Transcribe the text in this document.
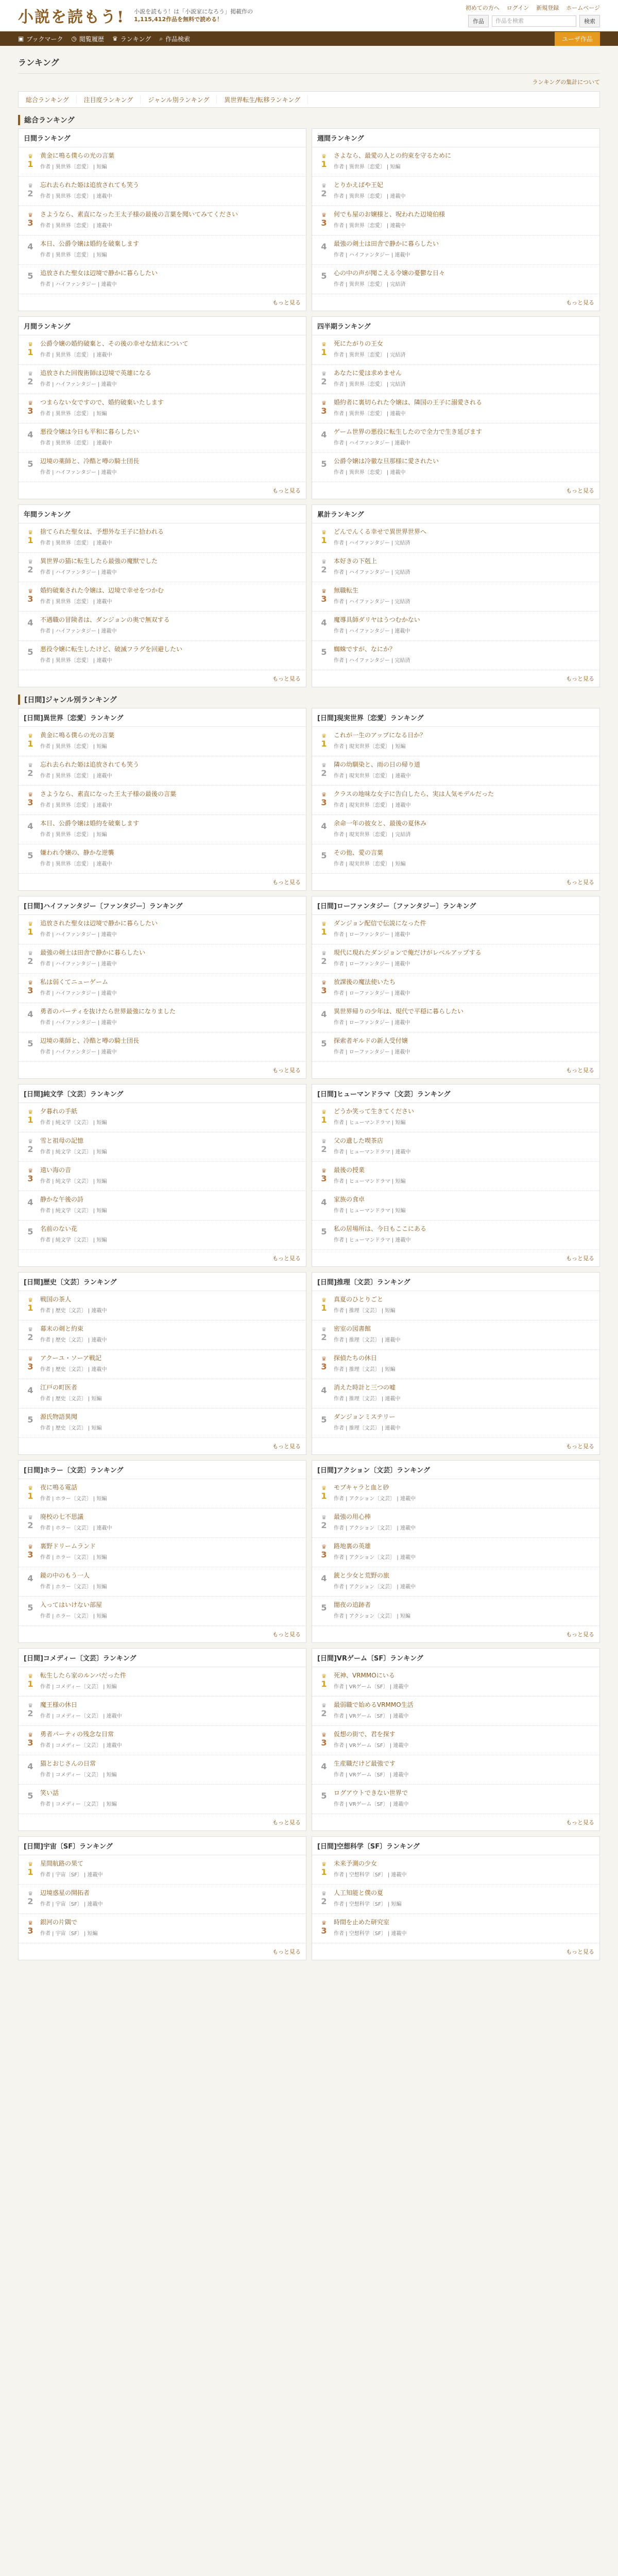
小説を読もう! 小説を読もう！は「小説家になろう」掲載作の
1,115,412作品を無料で読める！
初めての方へ ログイン 新規登録 ホームページ
作品	作品を検索	検索
▣ ブックマーク ◷ 閲覧履歴 ♛ ランキング ⌕ 作品検索	ユーザ作品
ランキング
ランキングの集計について
総合ランキング	注目度ランキング	ジャンル別ランキング	異世界転生/転移ランキング
総合ランキング
日間ランキング
♛
1
黄金に鳴る僕らの光の言葉
作者 | 異世界〔恋愛〕 | 短編
♛
2
忘れ去られた姫は追放されても笑う
作者 | 異世界〔恋愛〕 | 連載中
♛
3
さようなら、素直になった王太子様の最後の言葉を聞いてみてください
作者 | 異世界〔恋愛〕 | 連載中
4	本日、公爵令嬢は婚約を破棄します
作者 | 異世界〔恋愛〕 | 短編
5	追放された聖女は辺境で静かに暮らしたい
作者 | ハイファンタジー | 連載中
もっと見る
週間ランキング
♛
1
さよなら、最愛の人との約束を守るために
作者 | 異世界〔恋愛〕 | 短編
♛
2
とりかえばや王妃
作者 | 異世界〔恋愛〕 | 連載中
♛
3
何でも屋のお嬢様と、呪われた辺境伯様
作者 | 異世界〔恋愛〕 | 連載中
4	最強の剣士は田舎で静かに暮らしたい
作者 | ハイファンタジー | 連載中
5	心の中の声が聞こえる令嬢の憂鬱な日々
作者 | 異世界〔恋愛〕 | 完結済
もっと見る
月間ランキング
♛
1
公爵令嬢の婚約破棄と、その後の幸せな結末について
作者 | 異世界〔恋愛〕 | 連載中
♛
2
追放された回復術師は辺境で英雄になる
作者 | ハイファンタジー | 連載中
♛
3
つまらない女ですので、婚約破棄いたします
作者 | 異世界〔恋愛〕 | 短編
4	悪役令嬢は今日も平和に暮らしたい
作者 | 異世界〔恋愛〕 | 連載中
5	辺境の薬師と、冷酷と噂の騎士団長
作者 | ハイファンタジー | 連載中
もっと見る
四半期ランキング
♛
1
死にたがりの王女
作者 | 異世界〔恋愛〕 | 完結済
♛
2
あなたに愛は求めません
作者 | 異世界〔恋愛〕 | 完結済
♛
3
婚約者に裏切られた令嬢は、隣国の王子に溺愛される
作者 | 異世界〔恋愛〕 | 連載中
4	ゲーム世界の悪役に転生したので全力で生き延びます
作者 | ハイファンタジー | 連載中
5	公爵令嬢は冷徹な旦那様に愛されたい
作者 | 異世界〔恋愛〕 | 連載中
もっと見る
年間ランキング
♛
1
捨てられた聖女は、予想外な王子に拾われる
作者 | 異世界〔恋愛〕 | 連載中
♛
2
異世界の猫に転生したら最強の魔獣でした
作者 | ハイファンタジー | 連載中
♛
3
婚約破棄された令嬢は、辺境で幸せをつかむ
作者 | 異世界〔恋愛〕 | 連載中
4	不遇職の冒険者は、ダンジョンの奥で無双する
作者 | ハイファンタジー | 連載中
5	悪役令嬢に転生したけど、破滅フラグを回避したい
作者 | 異世界〔恋愛〕 | 連載中
もっと見る
累計ランキング
♛
1
どんでんくる幸せで異世界世界へ
作者 | ハイファンタジー | 完結済
♛
2
本好きの下剋上
作者 | ハイファンタジー | 完結済
♛
3
無職転生
作者 | ハイファンタジー | 完結済
4	魔導具師ダリヤはうつむかない
作者 | ハイファンタジー | 連載中
5	蜘蛛ですが、なにか？
作者 | ハイファンタジー | 完結済
もっと見る
[日間]ジャンル別ランキング
[日間]異世界〔恋愛〕ランキング
♛
1
黄金に鳴る僕らの光の言葉
作者 | 異世界〔恋愛〕 | 短編
♛
2
忘れ去られた姫は追放されても笑う
作者 | 異世界〔恋愛〕 | 連載中
♛
3
さようなら、素直になった王太子様の最後の言葉
作者 | 異世界〔恋愛〕 | 連載中
4	本日、公爵令嬢は婚約を破棄します
作者 | 異世界〔恋愛〕 | 短編
5	嫌われ令嬢の、静かな逆襲
作者 | 異世界〔恋愛〕 | 連載中
もっと見る
[日間]現実世界〔恋愛〕ランキング
♛
1
これが一生のアップになる日か？
作者 | 現実世界〔恋愛〕 | 短編
♛
2
隣の幼馴染と、雨の日の帰り道
作者 | 現実世界〔恋愛〕 | 連載中
♛
3
クラスの地味な女子に告白したら、実は人気モデルだった
作者 | 現実世界〔恋愛〕 | 連載中
4	余命一年の彼女と、最後の夏休み
作者 | 現実世界〔恋愛〕 | 完結済
5	その他、愛の言葉
作者 | 現実世界〔恋愛〕 | 短編
もっと見る
[日間]ハイファンタジー〔ファンタジー〕ランキング
♛
1
追放された聖女は辺境で静かに暮らしたい
作者 | ハイファンタジー | 連載中
♛
2
最強の剣士は田舎で静かに暮らしたい
作者 | ハイファンタジー | 連載中
♛
3
私は弱くてニューゲーム
作者 | ハイファンタジー | 連載中
4	勇者のパーティを抜けたら世界最強になりました
作者 | ハイファンタジー | 連載中
5	辺境の薬師と、冷酷と噂の騎士団長
作者 | ハイファンタジー | 連載中
もっと見る
[日間]ローファンタジー〔ファンタジー〕ランキング
♛
1
ダンジョン配信で伝説になった件
作者 | ローファンタジー | 連載中
♛
2
現代に現れたダンジョンで俺だけがレベルアップする
作者 | ローファンタジー | 連載中
♛
3
放課後の魔法使いたち
作者 | ローファンタジー | 連載中
4	異世界帰りの少年は、現代で平穏に暮らしたい
作者 | ローファンタジー | 連載中
5	探索者ギルドの新人受付嬢
作者 | ローファンタジー | 連載中
もっと見る
[日間]純文学〔文芸〕ランキング
♛
1
夕暮れの手紙
作者 | 純文学〔文芸〕 | 短編
♛
2
雪と祖母の記憶
作者 | 純文学〔文芸〕 | 短編
♛
3
遠い海の音
作者 | 純文学〔文芸〕 | 短編
4	静かな午後の詩
作者 | 純文学〔文芸〕 | 短編
5	名前のない花
作者 | 純文学〔文芸〕 | 短編
もっと見る
[日間]ヒューマンドラマ〔文芸〕ランキング
♛
1
どうか笑って生きてください
作者 | ヒューマンドラマ | 短編
♛
2
父の遺した喫茶店
作者 | ヒューマンドラマ | 連載中
♛
3
最後の授業
作者 | ヒューマンドラマ | 短編
4	家族の食卓
作者 | ヒューマンドラマ | 短編
5	私の居場所は、今日もここにある
作者 | ヒューマンドラマ | 連載中
もっと見る
[日間]歴史〔文芸〕ランキング
♛
1
戦国の茶人
作者 | 歴史〔文芸〕 | 連載中
♛
2
幕末の剣と約束
作者 | 歴史〔文芸〕 | 連載中
♛
3
アクーユ・ソーア戦記
作者 | 歴史〔文芸〕 | 連載中
4	江戸の町医者
作者 | 歴史〔文芸〕 | 短編
5	源氏物語異聞
作者 | 歴史〔文芸〕 | 短編
もっと見る
[日間]推理〔文芸〕ランキング
♛
1
真夏のひとりごと
作者 | 推理〔文芸〕 | 短編
♛
2
密室の図書館
作者 | 推理〔文芸〕 | 連載中
♛
3
探偵たちの休日
作者 | 推理〔文芸〕 | 短編
4	消えた時計と三つの嘘
作者 | 推理〔文芸〕 | 連載中
5	ダンジョンミステリー
作者 | 推理〔文芸〕 | 連載中
もっと見る
[日間]ホラー〔文芸〕ランキング
♛
1
夜に鳴る電話
作者 | ホラー〔文芸〕 | 短編
♛
2
廃校の七不思議
作者 | ホラー〔文芸〕 | 連載中
♛
3
裏野ドリームランド
作者 | ホラー〔文芸〕 | 短編
4	鏡の中のもう一人
作者 | ホラー〔文芸〕 | 短編
5	入ってはいけない部屋
作者 | ホラー〔文芸〕 | 短編
もっと見る
[日間]アクション〔文芸〕ランキング
♛
1
モブキャラと血と砂
作者 | アクション〔文芸〕 | 連載中
♛
2
最強の用心棒
作者 | アクション〔文芸〕 | 連載中
♛
3
路地裏の英雄
作者 | アクション〔文芸〕 | 連載中
4	銃と少女と荒野の旅
作者 | アクション〔文芸〕 | 連載中
5	闇夜の追跡者
作者 | アクション〔文芸〕 | 短編
もっと見る
[日間]コメディー〔文芸〕ランキング
♛
1
転生したら家のルンバだった件
作者 | コメディー〔文芸〕 | 短編
♛
2
魔王様の休日
作者 | コメディー〔文芸〕 | 連載中
♛
3
勇者パーティの残念な日常
作者 | コメディー〔文芸〕 | 連載中
4	猫とおじさんの日常
作者 | コメディー〔文芸〕 | 短編
5	笑い話
作者 | コメディー〔文芸〕 | 短編
もっと見る
[日間]VRゲーム〔SF〕ランキング
♛
1
死神、VRMMOにいる
作者 | VRゲーム〔SF〕 | 連載中
♛
2
最弱職で始めるVRMMO生活
作者 | VRゲーム〔SF〕 | 連載中
♛
3
仮想の街で、君を探す
作者 | VRゲーム〔SF〕 | 連載中
4	生産職だけど最強です
作者 | VRゲーム〔SF〕 | 連載中
5	ログアウトできない世界で
作者 | VRゲーム〔SF〕 | 連載中
もっと見る
[日間]宇宙〔SF〕ランキング
♛
1
星間航路の果て
作者 | 宇宙〔SF〕 | 連載中
♛
2
辺境惑星の開拓者
作者 | 宇宙〔SF〕 | 連載中
♛
3
銀河の片隅で
作者 | 宇宙〔SF〕 | 短編
もっと見る
[日間]空想科学〔SF〕ランキング
♛
1
未来予測の少女
作者 | 空想科学〔SF〕 | 連載中
♛
2
人工知能と僕の夏
作者 | 空想科学〔SF〕 | 短編
♛
3
時間を止めた研究室
作者 | 空想科学〔SF〕 | 連載中
もっと見る
